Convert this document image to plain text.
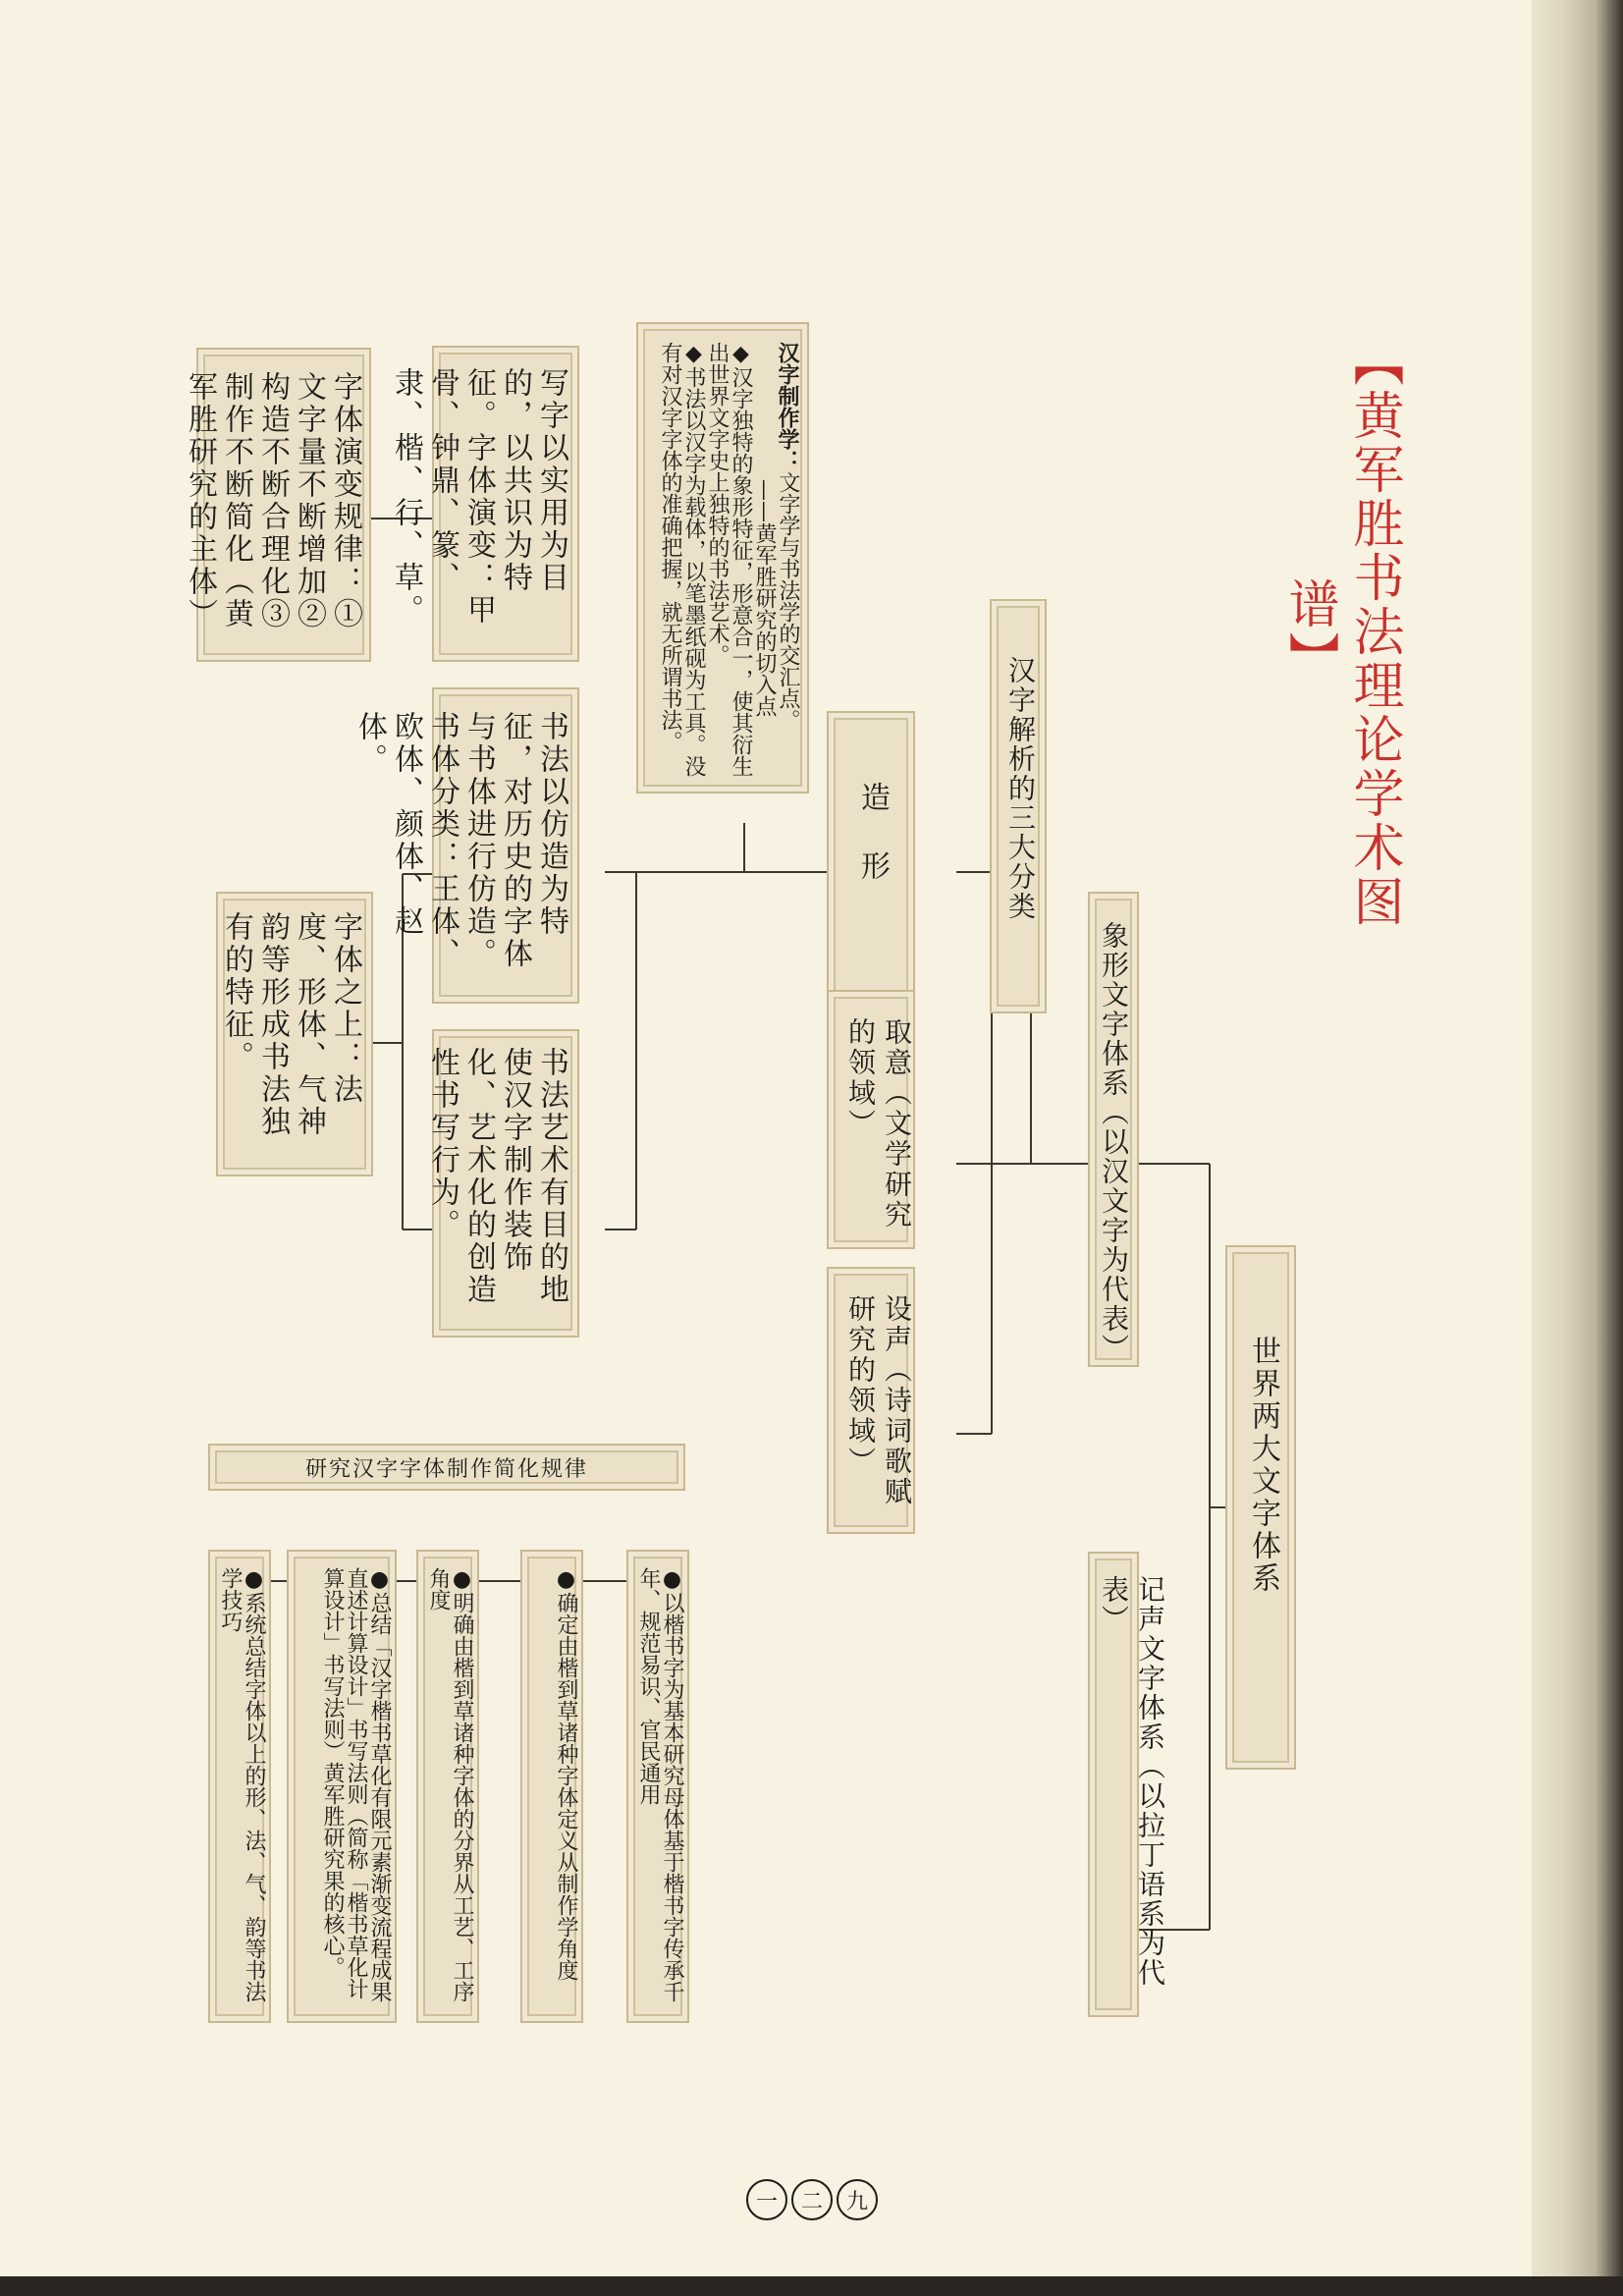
【黄军胜书法理论学术图谱】

世界两大文字体系

象形文字体系（以汉文字为代表）

记声文字体系（以拉丁语系为代表）

汉字解析的三大分类

造形

取意（文学研究的领域）

设声（诗词歌赋研究的领域）

汉字制作学：文字学与书法学的交汇点。
——黄军胜研究的切入点
◆汉字独特的象形特征，形意合一，使其衍生出世界文字史上独特的书法艺术。
◆书法以汉字为载体，以笔墨纸砚为工具。没有对汉字字体的准确把握，就无所谓书法。

写字以实用为目的，以共识为特征。字体演变：甲骨、钟鼎、篆、隶、楷、行、草。

字体演变规律：①文字量不断增加②构造不断合理化③制作不断简化（黄军胜研究的主体）

书法以仿造为特征，对历史的字体与书体进行仿造。书体分类：王体、欧体、颜体、赵体。

书法艺术有目的地使汉字制作装饰化、艺术化的创造性书写行为。

字体之上：法度、形体、气神韵等形成书法独有的特征。

研究汉字字体制作简化规律
●以楷书字为基本研究母体基于楷书字传承千年、规范易识、官民通用
●确定由楷到草诸种字体定义从制作学角度
●明确由楷到草诸种字体的分界从工艺、工序角度
●总结「汉字楷书草化有限元素渐变流程成果直述计算设计」书写法则（简称「楷书草化计算设计」书写法则）黄军胜研究果的核心。
●系统总结字体以上的形、法、气、韵等书法学技巧
一	二	九
